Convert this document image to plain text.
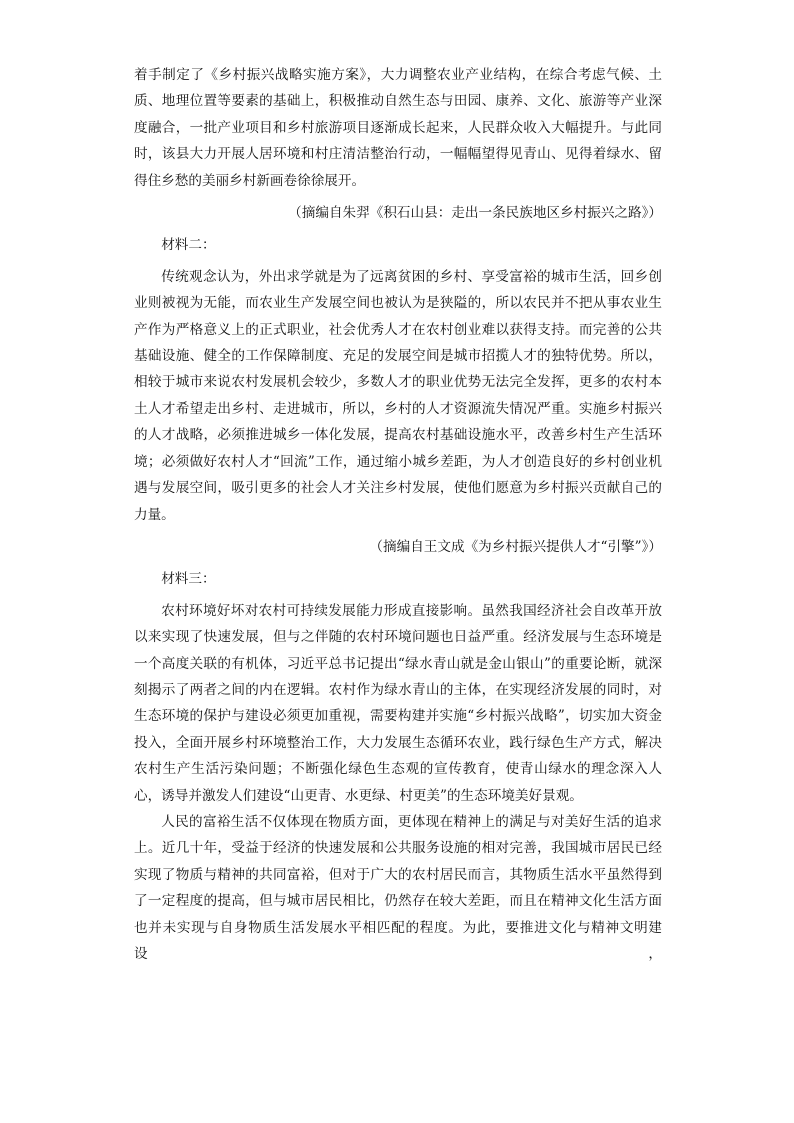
着手制定了《乡村振兴战略实施方案》，大力调整农业产业结构，在综合考虑气候、土质、地理位置等要素的基础上，积极推动自然生态与田园、康养、文化、旅游等产业深度融合，一批产业项目和乡村旅游项目逐渐成长起来，人民群众收入大幅提升。与此同时，该县大力开展人居环境和村庄清洁整治行动，一幅幅望得见青山、见得着绿水、留得住乡愁的美丽乡村新画卷徐徐展开。

（摘编自朱羿《积石山县：走出一条民族地区乡村振兴之路》）

材料二：

传统观念认为，外出求学就是为了远离贫困的乡村、享受富裕的城市生活，回乡创业则被视为无能，而农业生产发展空间也被认为是狭隘的，所以农民并不把从事农业生产作为严格意义上的正式职业，社会优秀人才在农村创业难以获得支持。而完善的公共基础设施、健全的工作保障制度、充足的发展空间是城市招揽人才的独特优势。所以，相较于城市来说农村发展机会较少，多数人才的职业优势无法完全发挥，更多的农村本土人才希望走出乡村、走进城市，所以，乡村的人才资源流失情况严重。实施乡村振兴的人才战略，必须推进城乡一体化发展，提高农村基础设施水平，改善乡村生产生活环境；必须做好农村人才“回流”工作，通过缩小城乡差距，为人才创造良好的乡村创业机遇与发展空间，吸引更多的社会人才关注乡村发展，使他们愿意为乡村振兴贡献自己的力量。

（摘编自王文成《为乡村振兴提供人才“引擎”》）

材料三：

农村环境好坏对农村可持续发展能力形成直接影响。虽然我国经济社会自改革开放以来实现了快速发展，但与之伴随的农村环境问题也日益严重。经济发展与生态环境是一个高度关联的有机体，习近平总书记提出“绿水青山就是金山银山”的重要论断，就深刻揭示了两者之间的内在逻辑。农村作为绿水青山的主体，在实现经济发展的同时，对生态环境的保护与建设必须更加重视，需要构建并实施“乡村振兴战略”，切实加大资金投入，全面开展乡村环境整治工作，大力发展生态循环农业，践行绿色生产方式，解决农村生产生活污染问题；不断强化绿色生态观的宣传教育，使青山绿水的理念深入人心，诱导并激发人们建设“山更青、水更绿、村更美”的生态环境美好景观。

人民的富裕生活不仅体现在物质方面，更体现在精神上的满足与对美好生活的追求上。近几十年，受益于经济的快速发展和公共服务设施的相对完善，我国城市居民已经实现了物质与精神的共同富裕，但对于广大的农村居民而言，其物质生活水平虽然得到了一定程度的提高，但与城市居民相比，仍然存在较大差距，而且在精神文化生活方面也并未实现与自身物质生活发展水平相匹配的程度。为此，要推进文化与精神文明建设，
